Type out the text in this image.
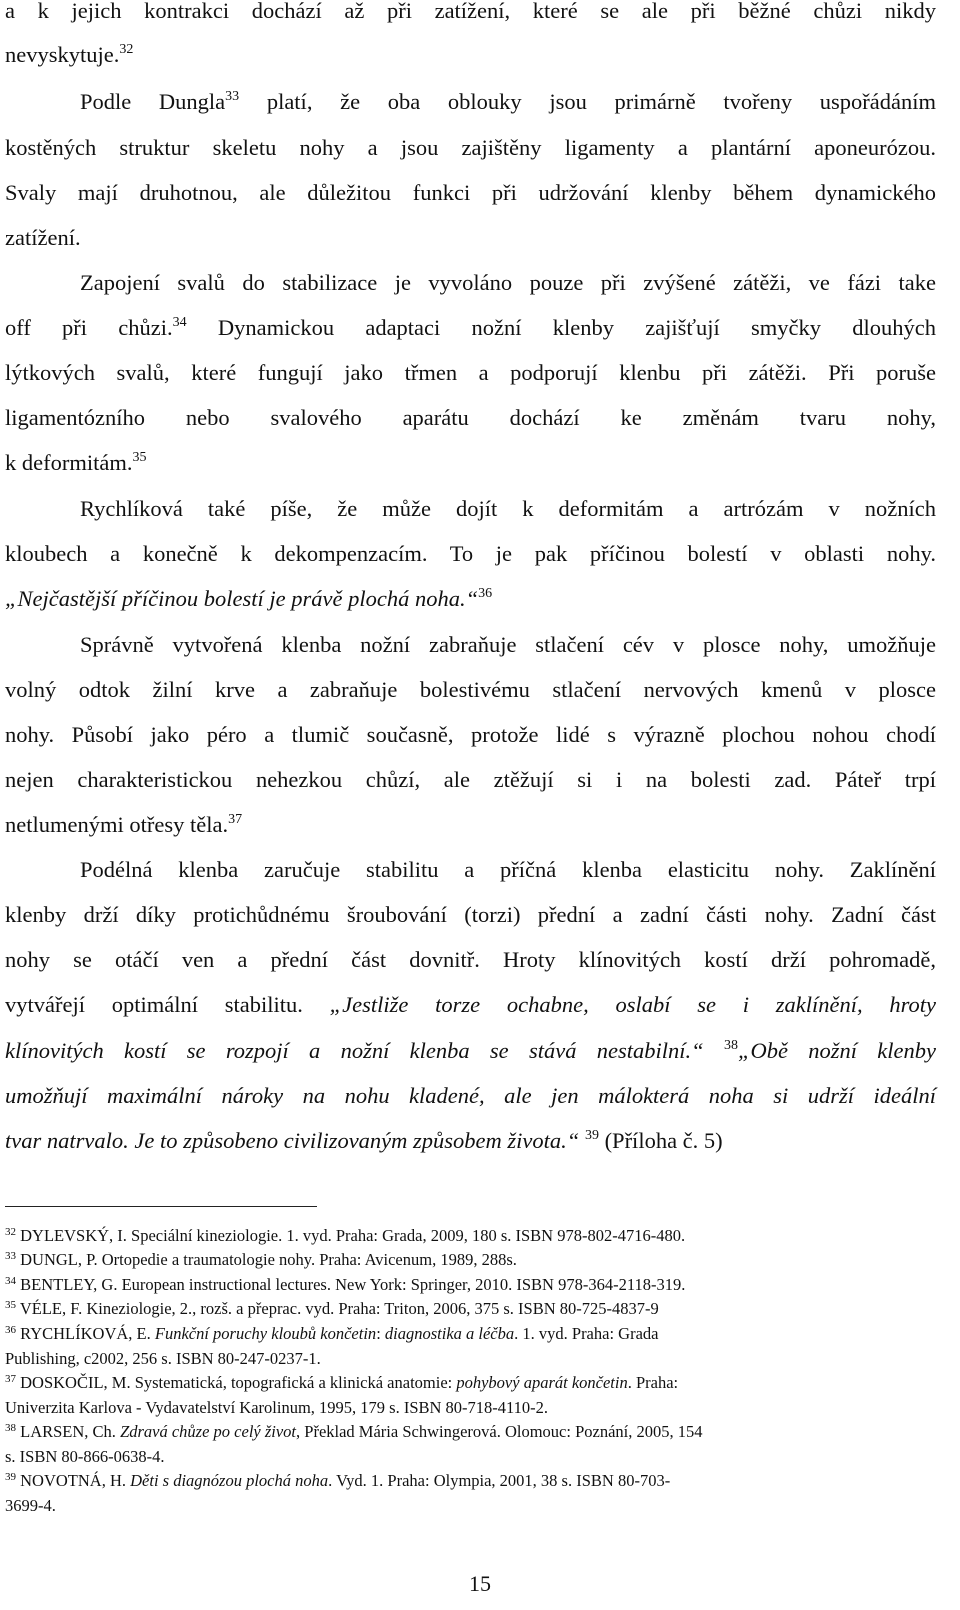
a k jejich kontrakci dochází až při zatížení, které se ale při běžné chůzi nikdy
nevyskytuje.$^{32}$
Podle Dungla$^{33}$ platí, že oba oblouky jsou primárně tvořeny uspořádáním
kostěných struktur skeletu nohy a jsou zajištěny ligamenty a plantární aponeurózou.
Svaly mají druhotnou, ale důležitou funkci při udržování klenby během dynamického
zatížení.
Zapojení svalů do stabilizace je vyvoláno pouze při zvýšené zátěži, ve fázi take
off při chůzi.$^{34}$ Dynamickou adaptaci nožní klenby zajišťují smyčky dlouhých
lýtkových svalů, které fungují jako třmen a podporují klenbu při zátěži. Při poruše
ligamentózního nebo svalového aparátu dochází ke změnám tvaru nohy,
k deformitám.$^{35}$
Rychlíková také píše, že může dojít k deformitám a artrózám v nožních
kloubech a konečně k dekompenzacím. To je pak příčinou bolestí v oblasti nohy.
„Nejčastější příčinou bolestí je právě plochá noha.“$^{36}$
Správně vytvořená klenba nožní zabraňuje stlačení cév v plosce nohy, umožňuje
volný odtok žilní krve a zabraňuje bolestivému stlačení nervových kmenů v plosce
nohy. Působí jako péro a tlumič současně, protože lidé s výrazně plochou nohou chodí
nejen charakteristickou nehezkou chůzí, ale ztěžují si i na bolesti zad. Páteř trpí
netlumenými otřesy těla.$^{37}$
Podélná klenba zaručuje stabilitu a příčná klenba elasticitu nohy. Zaklínění
klenby drží díky protichůdnému šroubování (torzi) přední a zadní části nohy. Zadní část
nohy se otáčí ven a přední část dovnitř. Hroty klínovitých kostí drží pohromadě,
vytvářejí optimální stabilitu. „Jestliže torze ochabne, oslabí se i zaklínění, hroty
klínovitých kostí se rozpojí a nožní klenba se stává nestabilní.“ $^{38}$„Obě nožní klenby
umožňují maximální nároky na nohu kladené, ale jen málokterá noha si udrží ideální
tvar natrvalo. Je to způsobeno civilizovaným způsobem života.“ $^{39}$ (Příloha č. 5)
$^{32}$ DYLEVSKÝ, I. Speciální kineziologie. 1. vyd. Praha: Grada, 2009, 180 s. ISBN 978-802-4716-480.
$^{33}$ DUNGL, P. Ortopedie a traumatologie nohy. Praha: Avicenum, 1989, 288s.
$^{34}$ BENTLEY, G. European instructional lectures. New York: Springer, 2010. ISBN 978-364-2118-319.
$^{35}$ VÉLE, F. Kineziologie, 2., rozš. a přeprac. vyd. Praha: Triton, 2006, 375 s. ISBN 80-725-4837-9
$^{36}$ RYCHLÍKOVÁ, E. Funkční poruchy kloubů končetin: diagnostika a léčba. 1. vyd. Praha: Grada
Publishing, c2002, 256 s. ISBN 80-247-0237-1.
$^{37}$ DOSKOČIL, M. Systematická, topografická a klinická anatomie: pohybový aparát končetin. Praha:
Univerzita Karlova - Vydavatelství Karolinum, 1995, 179 s. ISBN 80-718-4110-2.
$^{38}$ LARSEN, Ch. Zdravá chůze po celý život, Překlad Mária Schwingerová. Olomouc: Poznání, 2005, 154
s. ISBN 80-866-0638-4.
$^{39}$ NOVOTNÁ, H. Děti s diagnózou plochá noha. Vyd. 1. Praha: Olympia, 2001, 38 s. ISBN 80-703-
3699-4.
15
